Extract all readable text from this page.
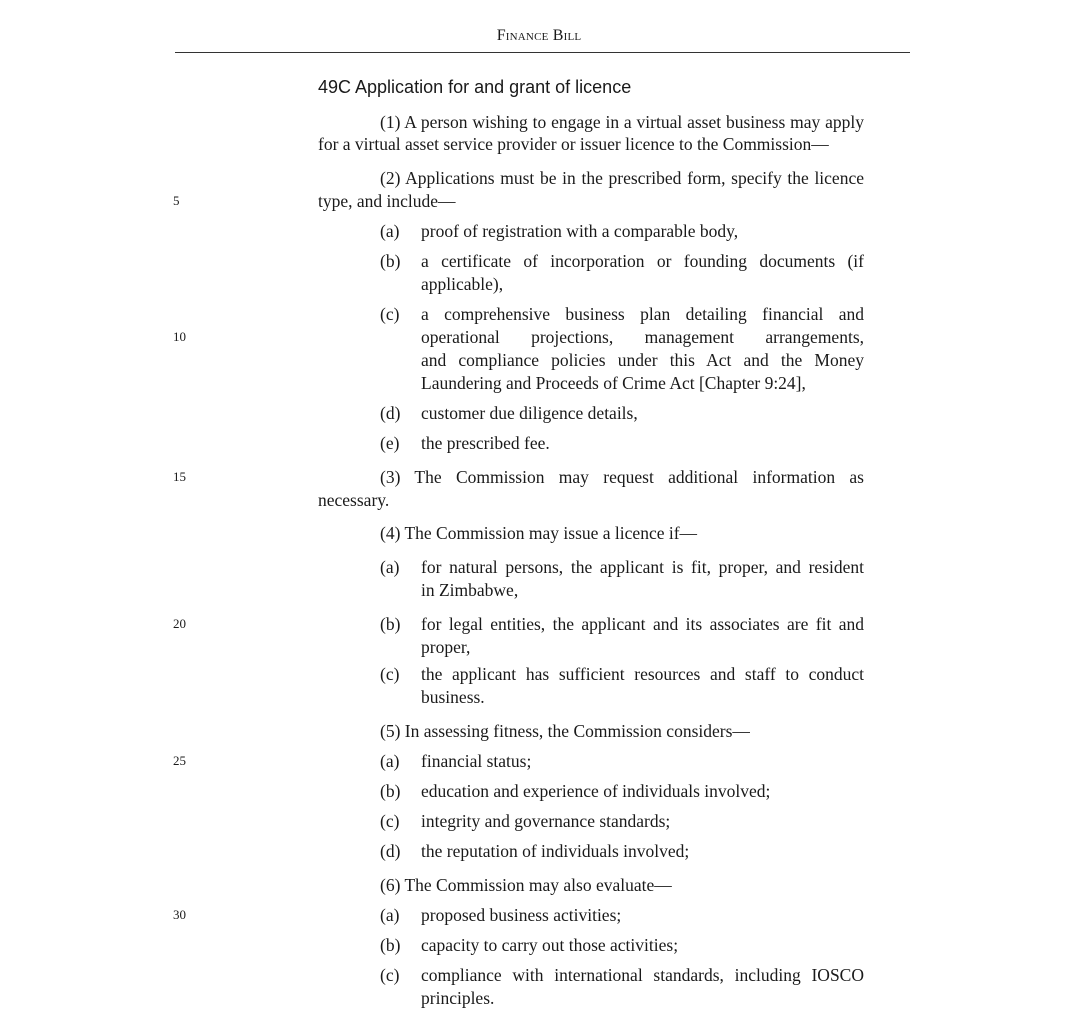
Finance Bill
49C Application for and grant of licence
(1) A person wishing to engage in a virtual asset business may apply
for a virtual asset service provider or issuer licence to the Commission—
(2) Applications must be in the prescribed form, specify the licence
type, and include—
(a) proof of registration with a comparable body,
(b) a certificate of incorporation or founding documents (if
applicable),
(c) a comprehensive business plan detailing financial and
operational projections, management arrangements,
and compliance policies under this Act and the Money
Laundering and Proceeds of Crime Act [Chapter 9:24],
(d) customer due diligence details,
(e) the prescribed fee.
(3) The Commission may request additional information as
necessary.
(4) The Commission may issue a licence if—
(a) for natural persons, the applicant is fit, proper, and resident
in Zimbabwe,
(b) for legal entities, the applicant and its associates are fit and
proper,
(c) the applicant has sufficient resources and staff to conduct
business.
(5) In assessing fitness, the Commission considers—
(a) financial status;
(b) education and experience of individuals involved;
(c) integrity and governance standards;
(d) the reputation of individuals involved;
(6) The Commission may also evaluate—
(a) proposed business activities;
(b) capacity to carry out those activities;
(c) compliance with international standards, including IOSCO
principles.
5
10
15
20
25
30
